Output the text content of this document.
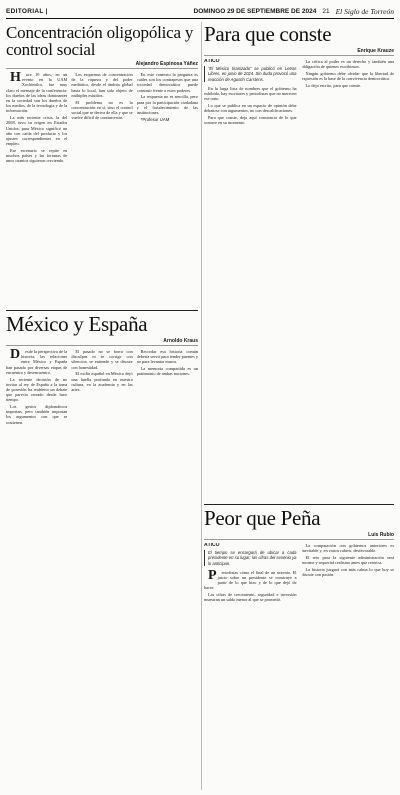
EDITORIAL |	DOMINGO 29 DE SEPTIEMBRE DE 2024 21 El Siglo de Torreón
Concentración oligopólica y control social
Alejandro Espinosa Yáñez

H ace 10 años, en un evento en la UAM Xochimilco, fue muy claro el mensaje de la conferencia: los dueños de las ideas dominantes en la sociedad son los dueños de los medios, de la tecnología y de la información.

La más reciente crisis, la del 2008, tuvo su origen en Estados Unidos; para México significó un año con caída del producto y los ajustes correspondientes en el empleo.

Ese escenario se repite en muchos países y las fortunas de unos cuantos siguieron creciendo.

Los esquemas de concentración de la riqueza y del poder mediático, desde el ámbito global hasta lo local, han sido objeto de múltiples estudios.

El problema no es la concentración en sí, sino el control social que se deriva de ella y que se vuelve difícil de contrarrestar.

En este contexto la pregunta es cuáles son los contrapesos que una sociedad democrática puede construir frente a estos poderes.

La respuesta no es sencilla, pero pasa por la participación ciudadana y el fortalecimiento de las instituciones.

*Profesor UAM

México y España
Arnoldo Kraus

D esde la perspectiva de la historia, las relaciones entre México y España han pasado por diversas etapas de encuentro y desencuentro.

La reciente decisión de no invitar al rey de España a la toma de posesión ha reabierto un debate que parecía cerrado desde hace tiempo.

Los gestos diplomáticos importan, pero también importan los argumentos con que se sostienen.

El pasado no se borra con disculpas ni se corrige con silencios; se entiende y se discute con honestidad.

El exilio español en México dejó una huella profunda en nuestra cultura, en la academia y en las artes.

Recordar esa historia común debería servir para tender puentes y no para levantar muros.

La memoria compartida es un patrimonio de ambas naciones.

Para que conste
Enrique Krauze
ÁTICO
“El México tiranizado” se publicó en Letras Libres, en junio de 2024. Sin duda provocó una reacción de Agustín Carstens.

En la larga lista de nombres que el gobierno ha exhibido, hay escritores y periodistas que no merecen ese trato.

Lo que se publica en un espacio de opinión debe debatirse con argumentos, no con descalificaciones.

Para que conste, dejo aquí constancia de lo que sostuve en su momento.

La crítica al poder es un derecho y también una obligación de quienes escribimos.

Ningún gobierno debe olvidar que la libertad de expresión es la base de la convivencia democrática.

Lo dejo escrito, para que conste.

Peor que Peña
Luis Rubio
ÁTICO
El tiempo se encargará de ubicar a cada presidente en su lugar; las cifras del sexenio ya lo anticipan.

P eriodistas cómo el final de un sexenio. El juicio sobre un presidente se construye a partir de lo que hizo y de lo que dejó de hacer.

Las cifras de crecimiento, seguridad e inversión muestran un saldo menor al que se prometió.

La comparación con gobiernos anteriores es inevitable y, en varios rubros, desfavorable.

El reto para la siguiente administración será enorme y requerirá realismo antes que retórica.

La historia juzgará con más calma lo que hoy se discute con pasión.
